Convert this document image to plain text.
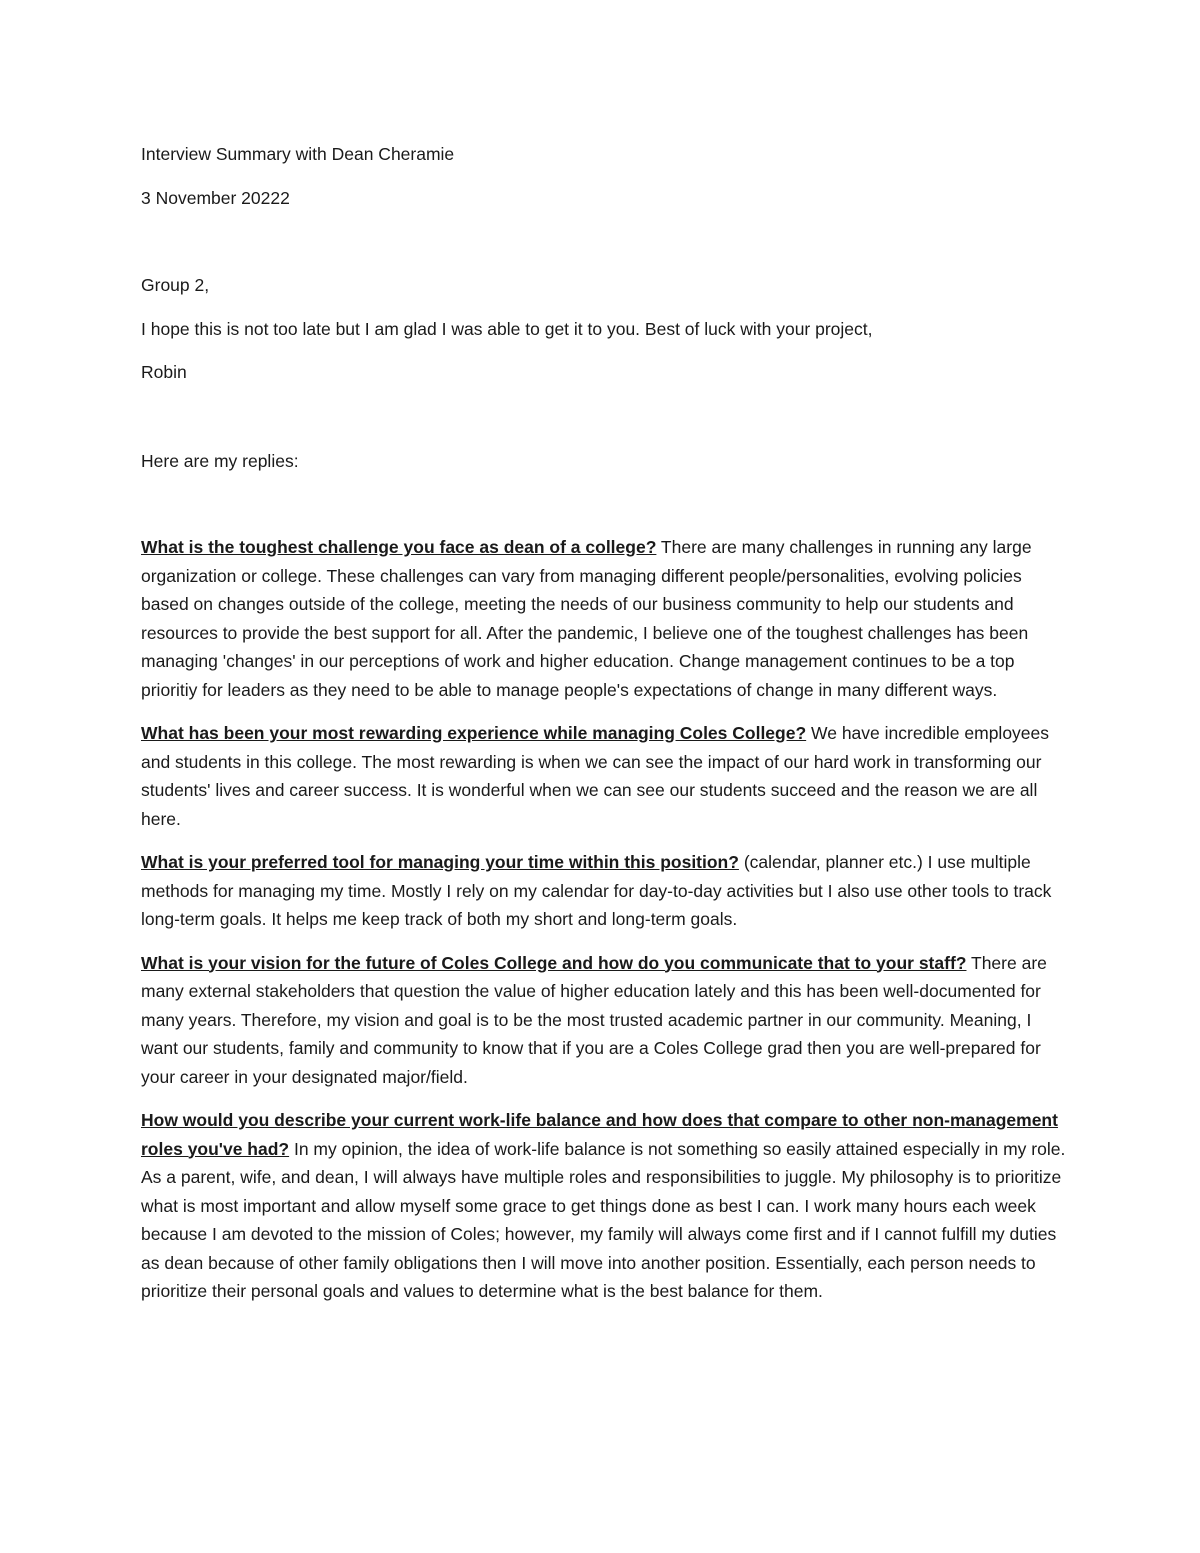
Interview Summary with Dean Cheramie

3 November 20222

Group 2,

I hope this is not too late but I am glad I was able to get it to you. Best of luck with your project,

Robin

Here are my replies:

What is the toughest challenge you face as dean of a college? There are many challenges in running any large organization or college. These challenges can vary from managing different people/personalities, evolving policies based on changes outside of the college, meeting the needs of our business community to help our students and resources to provide the best support for all. After the pandemic, I believe one of the toughest challenges has been managing 'changes' in our perceptions of work and higher education. Change management continues to be a top prioritiy for leaders as they need to be able to manage people's expectations of change in many different ways.

What has been your most rewarding experience while managing Coles College? We have incredible employees and students in this college. The most rewarding is when we can see the impact of our hard work in transforming our students' lives and career success. It is wonderful when we can see our students succeed and the reason we are all here.

What is your preferred tool for managing your time within this position? (calendar, planner etc.) I use multiple methods for managing my time. Mostly I rely on my calendar for day-to-day activities but I also use other tools to track long-term goals. It helps me keep track of both my short and long-term goals.

What is your vision for the future of Coles College and how do you communicate that to your staff? There are many external stakeholders that question the value of higher education lately and this has been well-documented for many years. Therefore, my vision and goal is to be the most trusted academic partner in our community. Meaning, I want our students, family and community to know that if you are a Coles College grad then you are well-prepared for your career in your designated major/field.

How would you describe your current work-life balance and how does that compare to other non-management roles you've had? In my opinion, the idea of work-life balance is not something so easily attained especially in my role. As a parent, wife, and dean, I will always have multiple roles and responsibilities to juggle. My philosophy is to prioritize what is most important and allow myself some grace to get things done as best I can. I work many hours each week because I am devoted to the mission of Coles; however, my family will always come first and if I cannot fulfill my duties as dean because of other family obligations then I will move into another position. Essentially, each person needs to prioritize their personal goals and values to determine what is the best balance for them.
